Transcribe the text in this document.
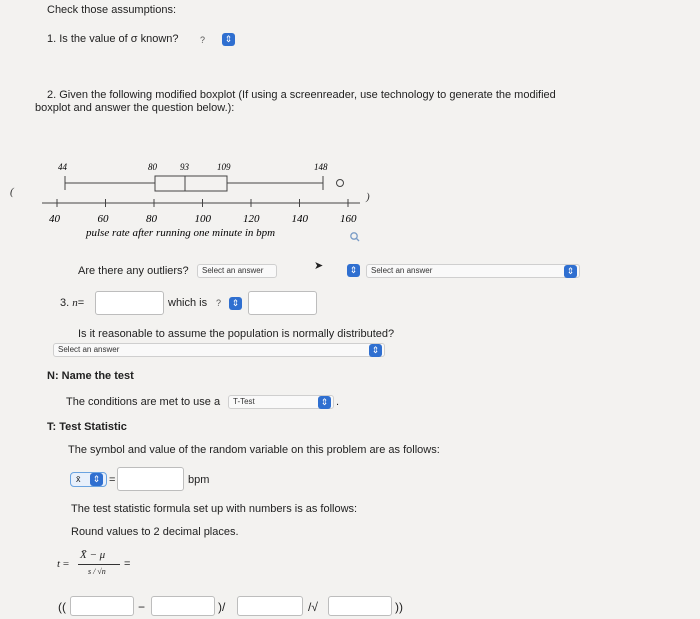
Check those assumptions:
1. Is the value of σ known? ?	⇕
2. Given the following modified boxplot (If using a screenreader, use technology to generate the modified
boxplot and answer the question below.):
44	80	93	109	148
(	)
40	60	80	100	120	140	160
pulse rate after running one minute in bpm
Are there any outliers?	Select an answer	➤	⇕	Select an answer	⇕
3. n=	which is ?	⇕
Is it reasonable to assume the population is normally distributed?
Select an answer	⇕
N: Name the test
The conditions are met to use a	T-Test	⇕ .
T: Test Statistic
The symbol and value of the random variable on this problem are as follows:
x̄	⇕ =	bpm
The test statistic formula set up with numbers is as follows:
Round values to 2 decimal places.
t =
X̄ − μ
s / √n
=
((	−	)/	/√	))
